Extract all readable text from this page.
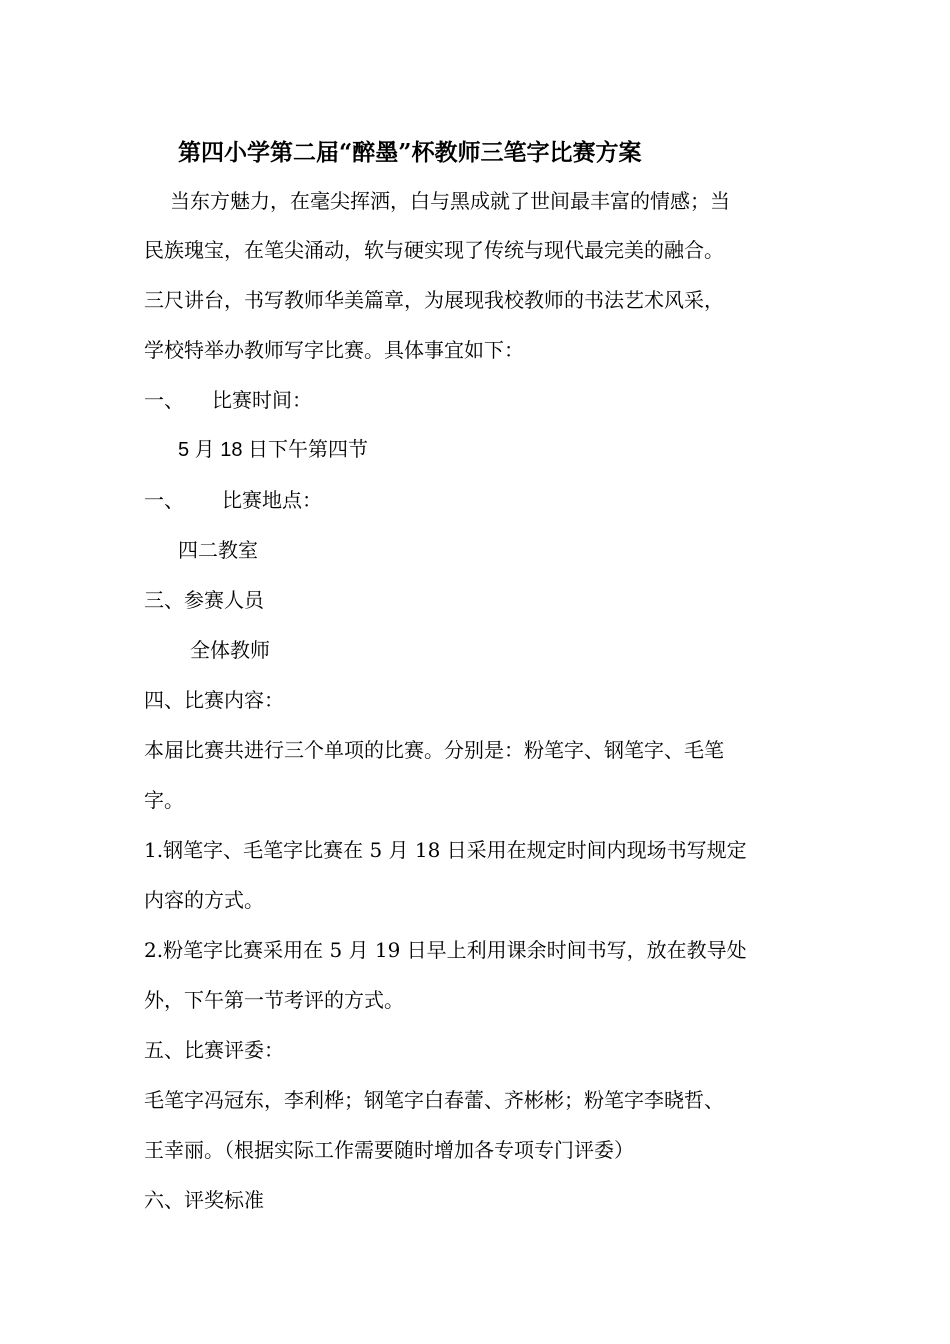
第四小学第二届“醉墨”杯教师三笔字比赛方案
当东方魅力，在毫尖挥洒，白与黑成就了世间最丰富的情感；当
民族瑰宝，在笔尖涌动，软与硬实现了传统与现代最完美的融合。
三尺讲台，书写教师华美篇章，为展现我校教师的书法艺术风采，
学校特举办教师写字比赛。具体事宜如下：
一、 比赛时间：
5 月 18 日下午第四节
一、 比赛地点：
四二教室
三、参赛人员
全体教师
四、比赛内容：
本届比赛共进行三个单项的比赛。分别是：粉笔字、钢笔字、毛笔
字。
1.钢笔字、毛笔字比赛在 5 月 18 日采用在规定时间内现场书写规定
内容的方式。
2.粉笔字比赛采用在 5 月 19 日早上利用课余时间书写，放在教导处
外，下午第一节考评的方式。
五、比赛评委：
毛笔字冯冠东，李利桦；钢笔字白春蕾、齐彬彬；粉笔字李晓哲、
王幸丽。（根据实际工作需要随时增加各专项专门评委）
六、评奖标准
